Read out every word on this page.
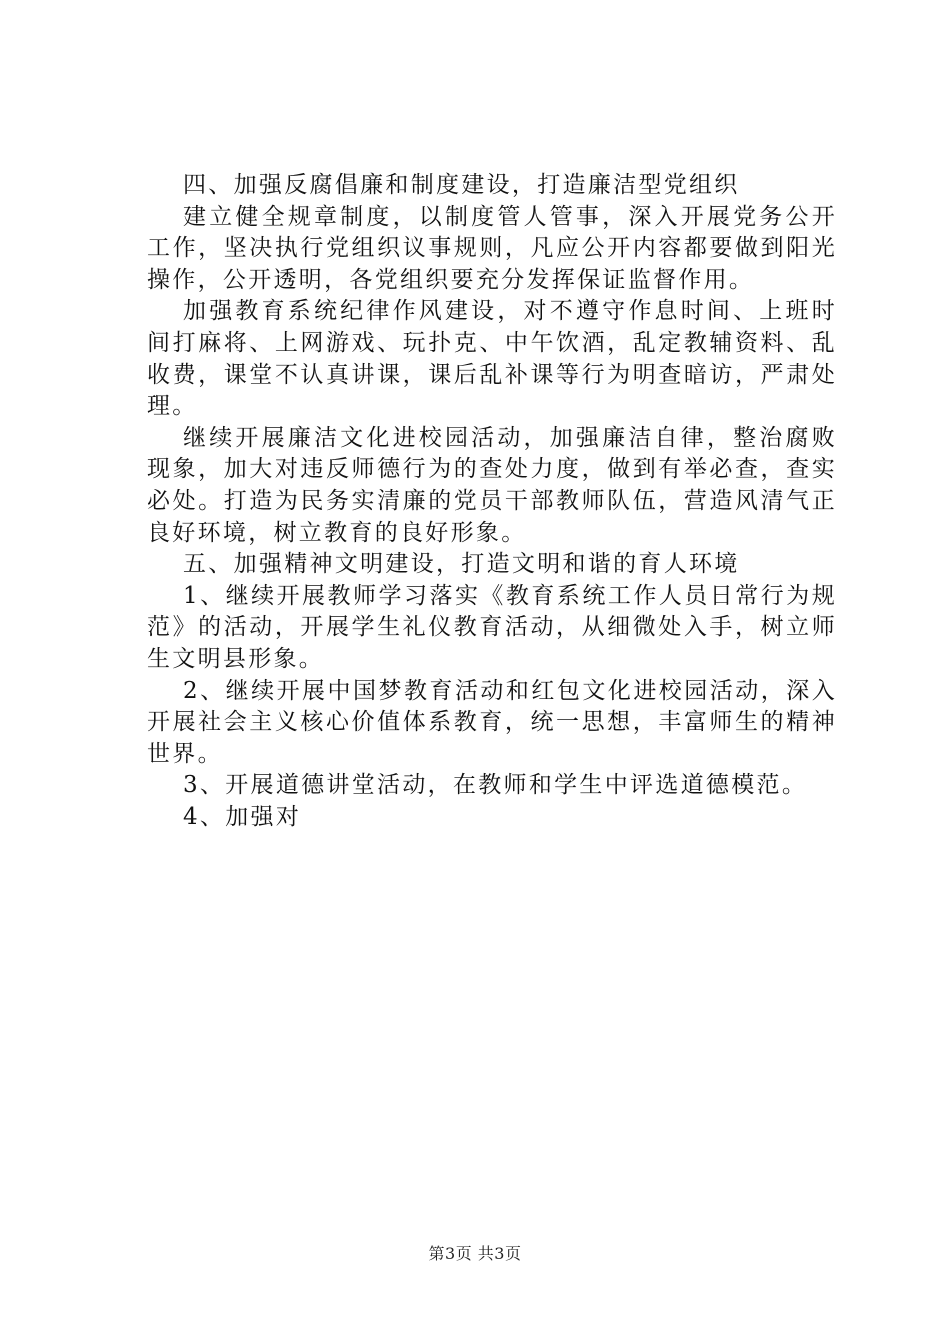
四、加强反腐倡廉和制度建设，打造廉洁型党组织

建立健全规章制度，以制度管人管事，深入开展党务公开工作，坚决执行党组织议事规则，凡应公开内容都要做到阳光操作，公开透明，各党组织要充分发挥保证监督作用。

加强教育系统纪律作风建设，对不遵守作息时间、上班时间打麻将、上网游戏、玩扑克、中午饮酒，乱定教辅资料、乱收费，课堂不认真讲课，课后乱补课等行为明查暗访，严肃处理。

继续开展廉洁文化进校园活动，加强廉洁自律，整治腐败现象，加大对违反师德行为的查处力度，做到有举必查，查实必处。打造为民务实清廉的党员干部教师队伍，营造风清气正良好环境，树立教育的良好形象。

五、加强精神文明建设，打造文明和谐的育人环境

1、继续开展教师学习落实《教育系统工作人员日常行为规范》的活动，开展学生礼仪教育活动，从细微处入手，树立师生文明县形象。

2、继续开展中国梦教育活动和红包文化进校园活动，深入开展社会主义核心价值体系教育，统一思想，丰富师生的精神世界。

3、开展道德讲堂活动，在教师和学生中评选道德模范。

4、加强对

第3页 共3页
